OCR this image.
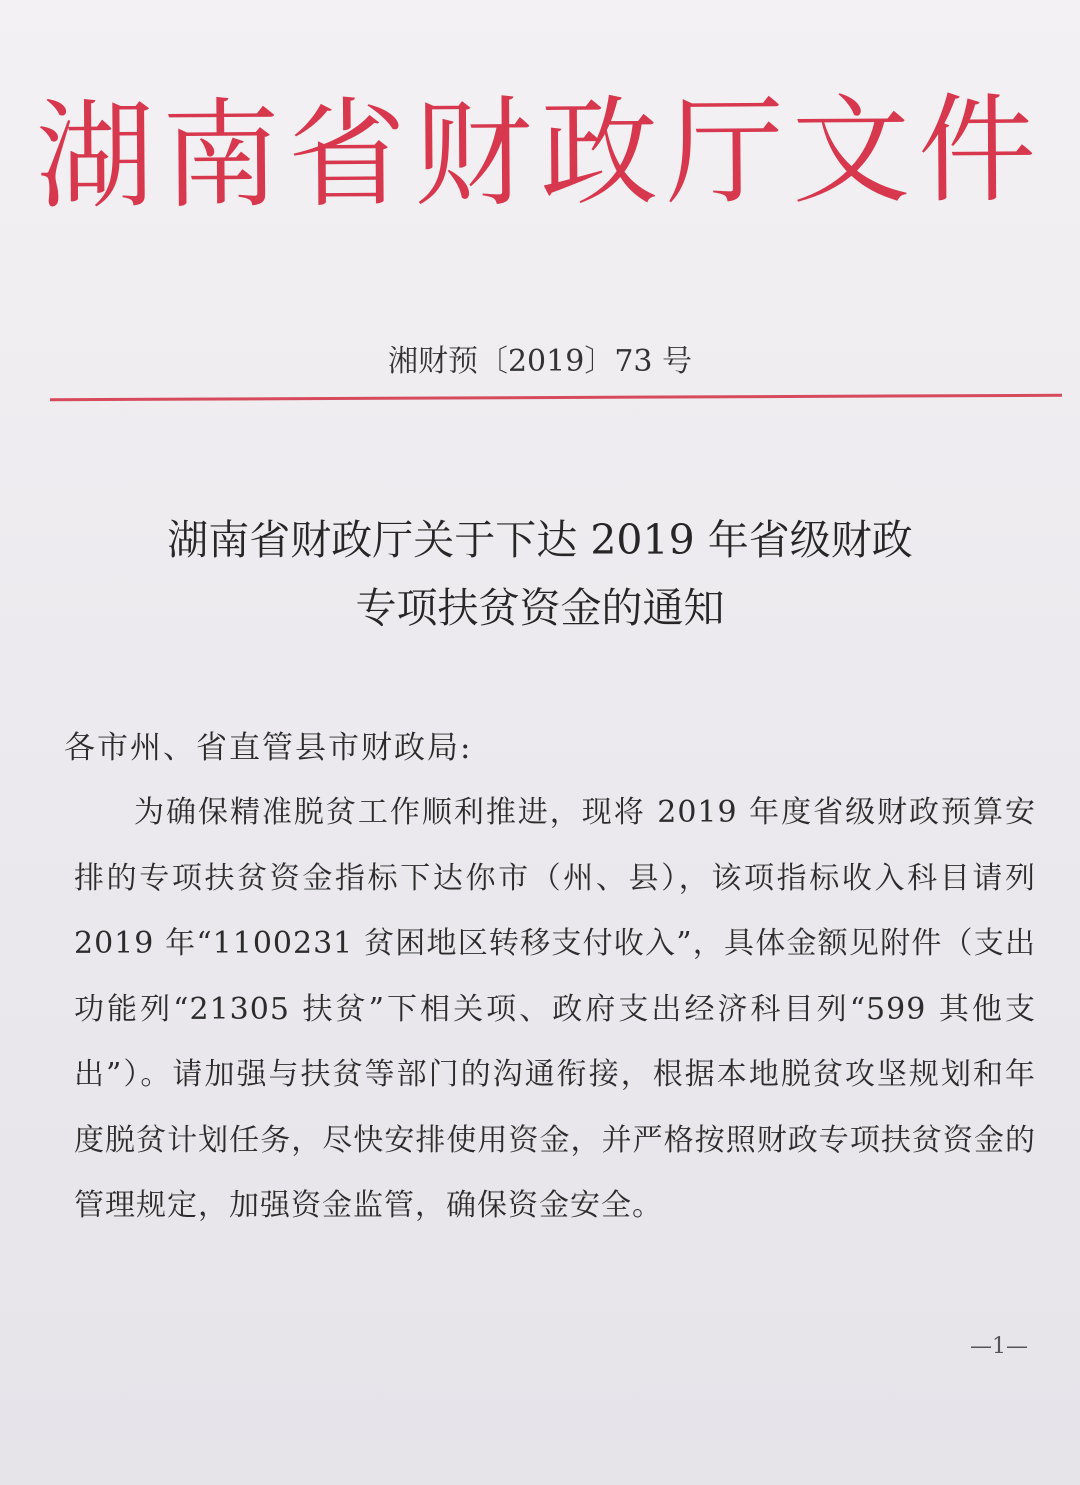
湖南省财政厅文件
湘财预〔2019〕73 号
湖南省财政厅关于下达 2019 年省级财政
专项扶贫资金的通知
各市州、省直管县市财政局:

为确保精准脱贫工作顺利推进，现将 2019 年度省级财政预算安排的专项扶贫资金指标下达你市（州、县），该项指标收入科目请列 2019 年“1100231 贫困地区转移支付收入”，具体金额见附件（支出功能列“21305 扶贫”下相关项、政府支出经济科目列“599 其他支出”）。请加强与扶贫等部门的沟通衔接，根据本地脱贫攻坚规划和年度脱贫计划任务，尽快安排使用资金，并严格按照财政专项扶贫资金的管理规定，加强资金监管，确保资金安全。

—1—
